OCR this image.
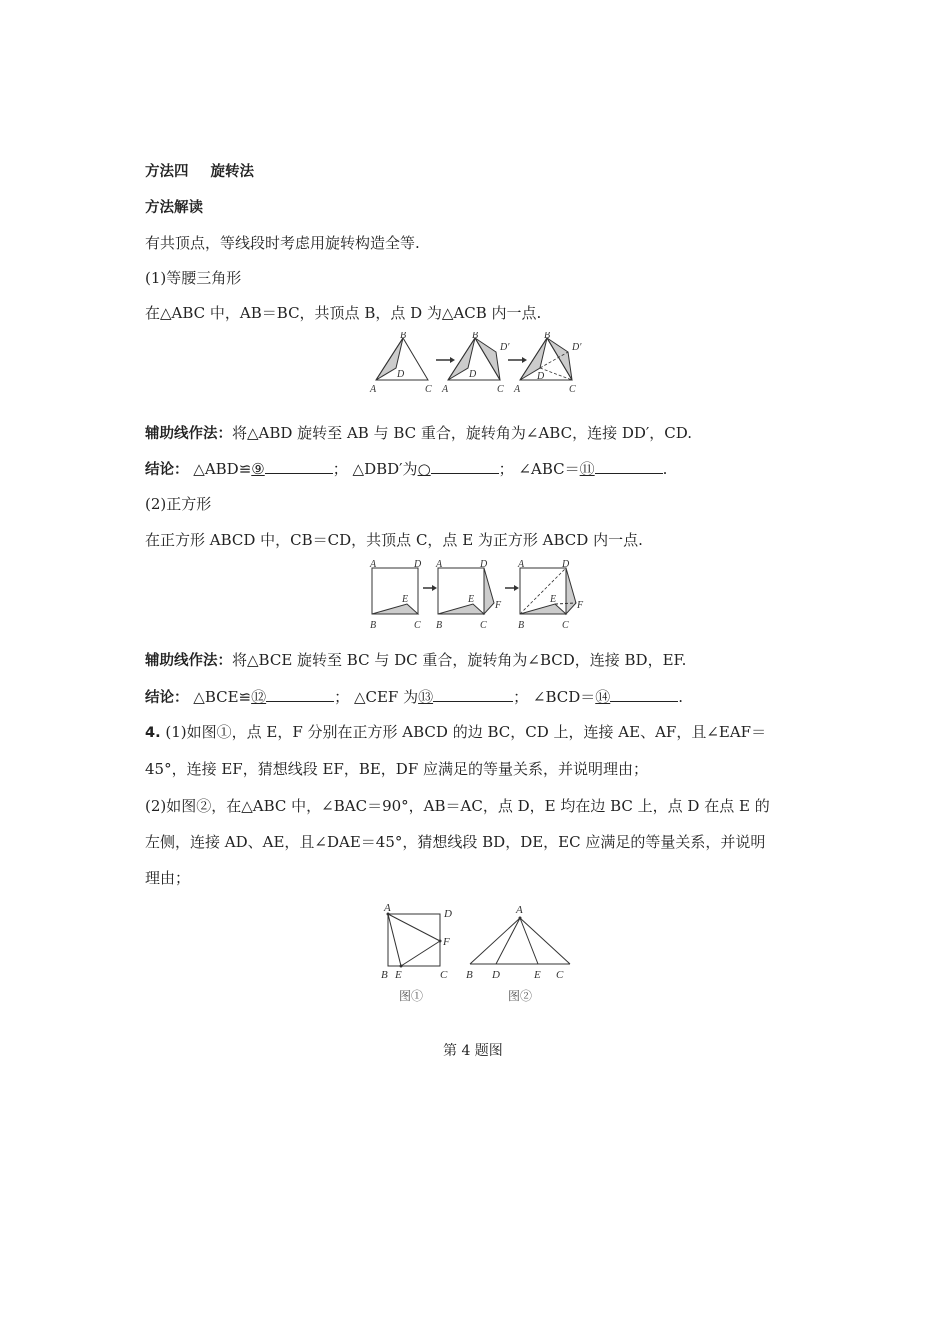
方法四 旋转法
方法解读
有共顶点，等线段时考虑用旋转构造全等.
(1)等腰三角形
在△ABC 中，AB＝BC，共顶点 B，点 D 为△ACB 内一点.
A
B
C
D
A
B
C
D
D′
A
B
C
D
D′
辅助线作法：将△ABD 旋转至 AB 与 BC 重合，旋转角为∠ABC，连接 DD′，CD.
结论： △ABD≌⑨	； △DBD′为○	； ∠ABC＝⑪	.
(2)正方形
在正方形 ABCD 中，CB＝CD，共顶点 C，点 E 为正方形 ABCD 内一点.
A	D
B	C
E
A	D
B	C
E
F
A	D
B	C
E
F
辅助线作法：将△BCE 旋转至 BC 与 DC 重合，旋转角为∠BCD，连接 BD，EF.
结论： △BCE≌⑫	； △CEF 为⑬	； ∠BCD＝⑭	.
4. (1)如图①，点 E，F 分别在正方形 ABCD 的边 BC，CD 上，连接 AE、AF，且∠EAF＝
45°，连接 EF，猜想线段 EF，BE，DF 应满足的等量关系，并说明理由；
(2)如图②，在△ABC 中，∠BAC＝90°，AB＝AC，点 D，E 均在边 BC 上，点 D 在点 E 的
左侧，连接 AD、AE，且∠DAE＝45°，猜想线段 BD，DE，EC 应满足的等量关系，并说明
理由；
A	D
F
B E	C
A
B D	E C
图①	图②
第 4 题图
